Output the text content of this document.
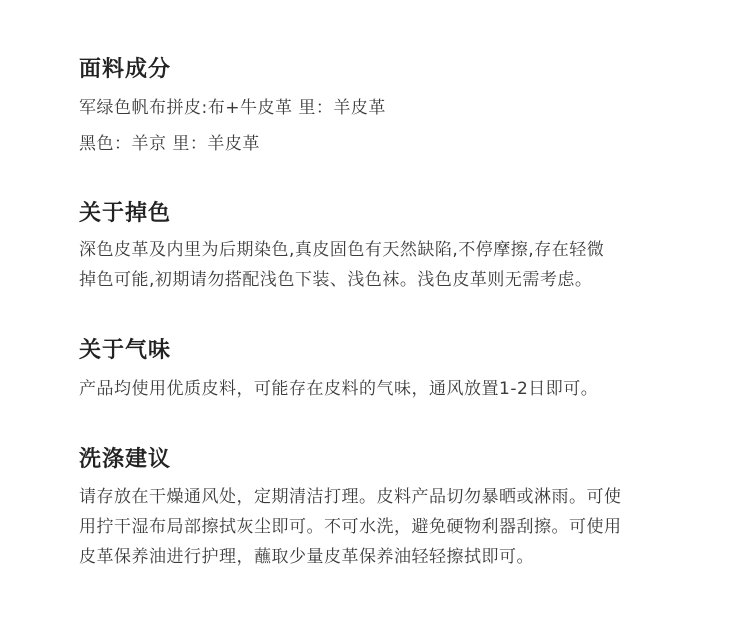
面料成分

军绿色帆布拼皮:布+牛皮革 里：羊皮革

黑色：羊京 里：羊皮革

关于掉色

深色皮革及内里为后期染色,真皮固色有天然缺陷,不停摩擦,存在轻微

掉色可能,初期请勿搭配浅色下装、浅色袜。浅色皮革则无需考虑。

关于气味

产品均使用优质皮料，可能存在皮料的气味，通风放置1-2日即可。

洗涤建议

请存放在干燥通风处，定期清洁打理。皮料产品切勿暴晒或淋雨。可使

用拧干湿布局部擦拭灰尘即可。不可水洗，避免硬物利器刮擦。可使用

皮革保养油进行护理，蘸取少量皮革保养油轻轻擦拭即可。
